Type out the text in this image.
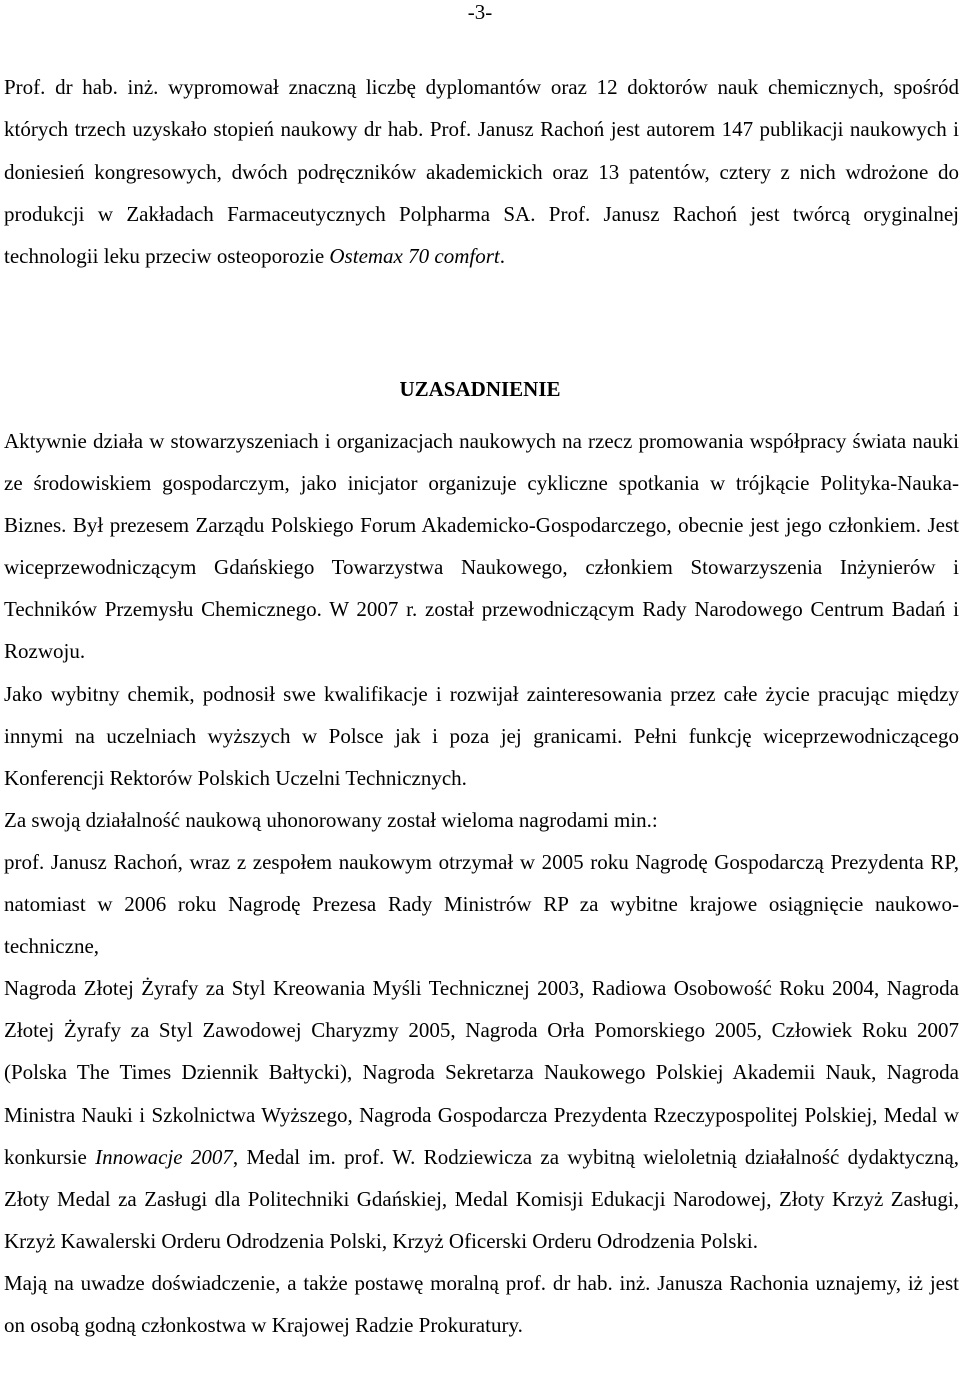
-3-

Prof. dr hab. inż. wypromował znaczną liczbę dyplomantów oraz 12 doktorów nauk chemicznych, spośród których trzech uzyskało stopień naukowy dr hab. Prof. Janusz Rachoń jest autorem 147 publikacji naukowych i doniesień kongresowych, dwóch podręczników akademickich oraz 13 patentów, cztery z nich wdrożone do produkcji w Zakładach Farmaceutycznych Polpharma SA. Prof. Janusz Rachoń jest twórcą oryginalnej technologii leku przeciw osteoporozie Ostemax 70 comfort.

UZASADNIENIE

Aktywnie działa w stowarzyszeniach i organizacjach naukowych na rzecz promowania współpracy świata nauki ze środowiskiem gospodarczym, jako inicjator organizuje cykliczne spotkania w trójkącie Polityka-Nauka-Biznes. Był prezesem Zarządu Polskiego Forum Akademicko-Gospodarczego, obecnie jest jego członkiem. Jest wiceprzewodniczącym Gdańskiego Towarzystwa Naukowego, członkiem Stowarzyszenia Inżynierów i Techników Przemysłu Chemicznego. W 2007 r. został przewodniczącym Rady Narodowego Centrum Badań i Rozwoju.

Jako wybitny chemik, podnosił swe kwalifikacje i rozwijał zainteresowania przez całe życie pracując między innymi na uczelniach wyższych w Polsce jak i poza jej granicami. Pełni funkcję wiceprzewodniczącego Konferencji Rektorów Polskich Uczelni Technicznych.

Za swoją działalność naukową uhonorowany został wieloma nagrodami min.:

prof. Janusz Rachoń, wraz z zespołem naukowym otrzymał w 2005 roku Nagrodę Gospodarczą Prezydenta RP, natomiast w 2006 roku Nagrodę Prezesa Rady Ministrów RP za wybitne krajowe osiągnięcie naukowo-techniczne,

Nagroda Złotej Żyrafy za Styl Kreowania Myśli Technicznej 2003, Radiowa Osobowość Roku 2004, Nagroda Złotej Żyrafy za Styl Zawodowej Charyzmy 2005, Nagroda Orła Pomorskiego 2005, Człowiek Roku 2007 (Polska The Times Dziennik Bałtycki), Nagroda Sekretarza Naukowego Polskiej Akademii Nauk, Nagroda Ministra Nauki i Szkolnictwa Wyższego, Nagroda Gospodarcza Prezydenta Rzeczypospolitej Polskiej, Medal w konkursie Innowacje 2007, Medal im. prof. W. Rodziewicza za wybitną wieloletnią działalność dydaktyczną, Złoty Medal za Zasługi dla Politechniki Gdańskiej, Medal Komisji Edukacji Narodowej, Złoty Krzyż Zasługi, Krzyż Kawalerski Orderu Odrodzenia Polski, Krzyż Oficerski Orderu Odrodzenia Polski.

Mają na uwadze doświadczenie, a także postawę moralną prof. dr hab. inż. Janusza Rachonia uznajemy, iż jest on osobą godną członkostwa w Krajowej Radzie Prokuratury.
